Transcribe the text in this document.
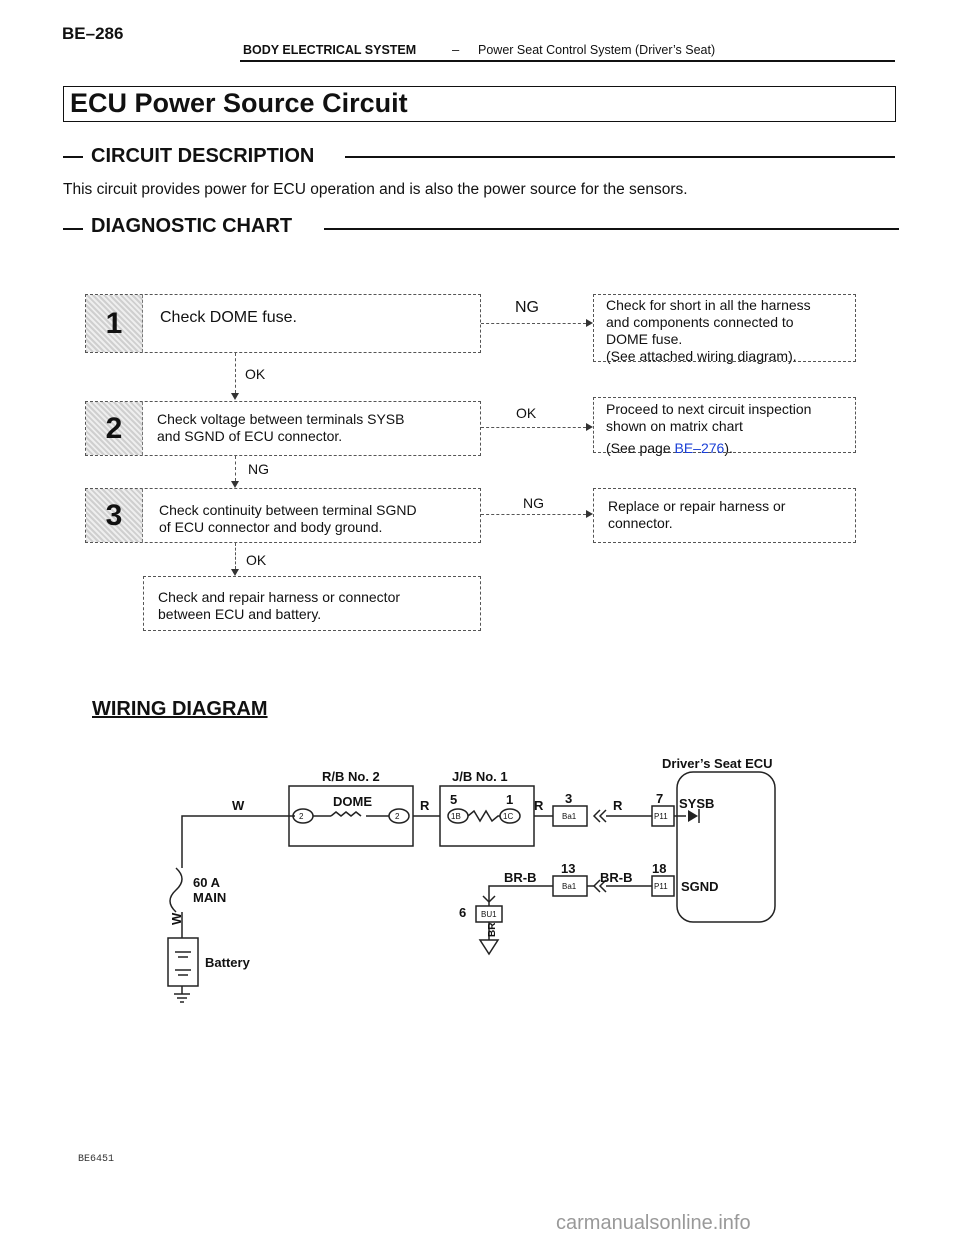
BE–286
BODY ELECTRICAL SYSTEM	– Power Seat Control System (Driver’s Seat)
ECU Power Source Circuit
CIRCUIT DESCRIPTION
This circuit provides power for ECU operation and is also the power source for the sensors.
DIAGNOSTIC CHART
1	Check DOME fuse.
2	Check voltage between terminals SYSB
and SGND of ECU connector.
3	Check continuity between terminal SGND
of ECU connector and body ground.
Check and repair harness or connector
between ECU and battery.
Check for short in all the harness
and components connected to
DOME fuse.
(See attached wiring diagram).
Proceed to next circuit inspection
shown on matrix chart
(See page BE–276).
Replace or repair harness or
connector.
NG
OK
OK
NG
NG
OK
WIRING DIAGRAM
R/B No. 2	J/B No. 1
Driver’s Seat ECU
DOME
W	R	R	R
5	1	3	7 SYSB
BR-B	BR-B
13	18
SGND
6
60 A
MAIN
Battery
W
BR
2	2	1B	1C	Ba1	P11
Ba1	P11
BU1
BE6451
carmanualsonline.info
